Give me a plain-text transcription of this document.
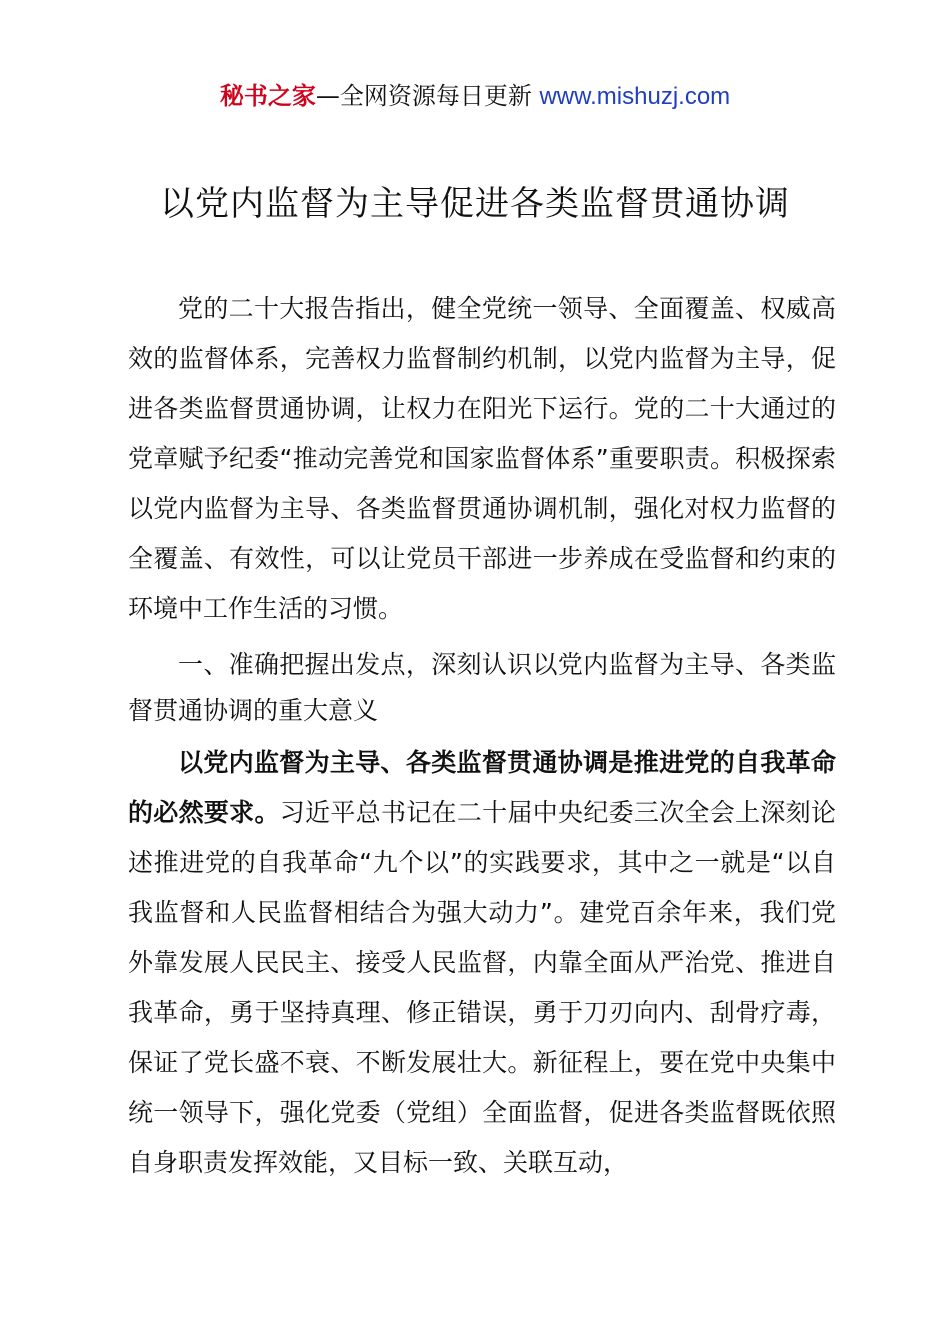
秘书之家—全网资源每日更新 www.mishuzj.com
以党内监督为主导促进各类监督贯通协调

党的二十大报告指出，健全党统一领导、全面覆盖、权威高效的监督体系，完善权力监督制约机制，以党内监督为主导，促进各类监督贯通协调，让权力在阳光下运行。党的二十大通过的党章赋予纪委“推动完善党和国家监督体系”重要职责。积极探索以党内监督为主导、各类监督贯通协调机制，强化对权力监督的全覆盖、有效性，可以让党员干部进一步养成在受监督和约束的环境中工作生活的习惯。

一、准确把握出发点，深刻认识以党内监督为主导、各类监督贯通协调的重大意义

以党内监督为主导、各类监督贯通协调是推进党的自我革命的必然要求。习近平总书记在二十届中央纪委三次全会上深刻论述推进党的自我革命“九个以”的实践要求，其中之一就是“以自我监督和人民监督相结合为强大动力”。建党百余年来，我们党外靠发展人民民主、接受人民监督，内靠全面从严治党、推进自我革命，勇于坚持真理、修正错误，勇于刀刃向内、刮骨疗毒，保证了党长盛不衰、不断发展壮大。新征程上，要在党中央集中统一领导下，强化党委（党组）全面监督，促进各类监督既依照自身职责发挥效能，又目标一致、关联互动，
